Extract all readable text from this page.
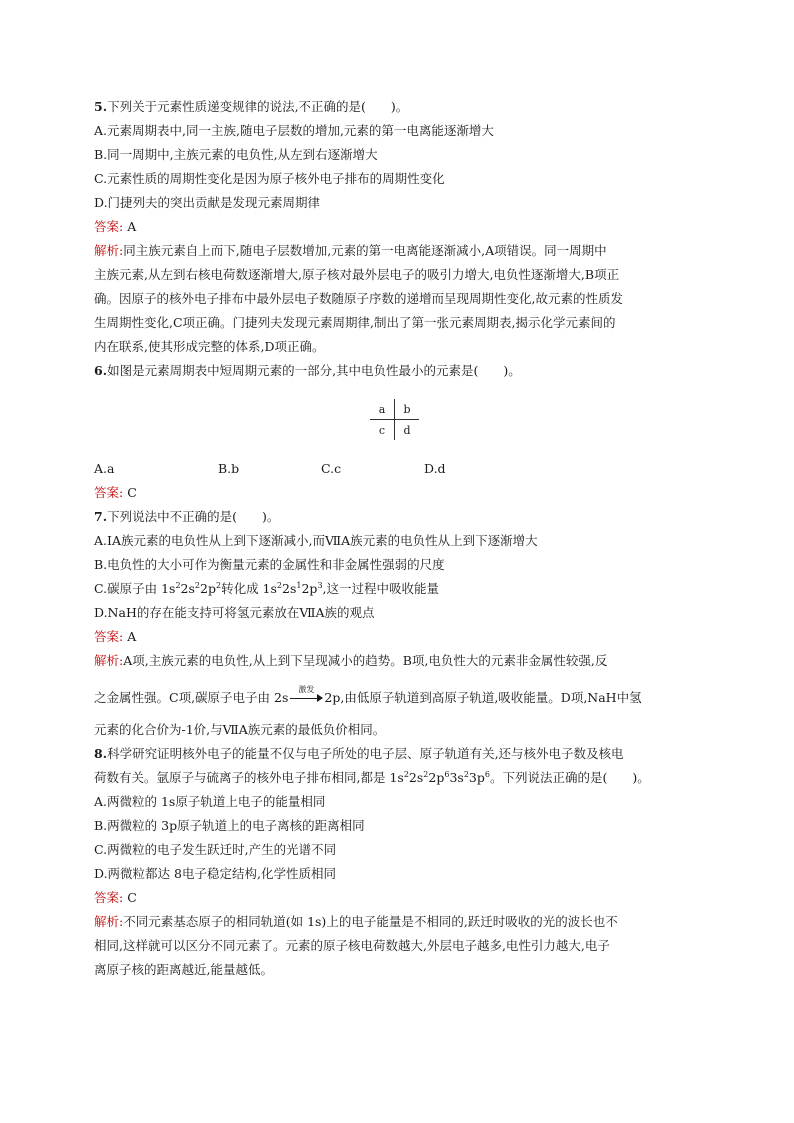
5.下列关于元素性质递变规律的说法,不正确的是(　　)。
A.元素周期表中,同一主族,随电子层数的增加,元素的第一电离能逐渐增大
B.同一周期中,主族元素的电负性,从左到右逐渐增大
C.元素性质的周期性变化是因为原子核外电子排布的周期性变化
D.门捷列夫的突出贡献是发现元素周期律
答案: A
解析:同主族元素自上而下,随电子层数增加,元素的第一电离能逐渐减小,A项错误。同一周期中
主族元素,从左到右核电荷数逐渐增大,原子核对最外层电子的吸引力增大,电负性逐渐增大,B项正
确。因原子的核外电子排布中最外层电子数随原子序数的递增而呈现周期性变化,故元素的性质发
生周期性变化,C项正确。门捷列夫发现元素周期律,制出了第一张元素周期表,揭示化学元素间的
内在联系,使其形成完整的体系,D项正确。
6.如图是元素周期表中短周期元素的一部分,其中电负性最小的元素是(　　)。
a	b
c	d
A.a	B.b	C.c	D.d
答案: C
7.下列说法中不正确的是(　　)。
A.ⅠA族元素的电负性从上到下逐渐减小,而ⅦA族元素的电负性从上到下逐渐增大
B.电负性的大小可作为衡量元素的金属性和非金属性强弱的尺度
C.碳原子由 $1s^22s^22p^2$转化成 $1s^22s^12p^3$,这一过程中吸收能量
D.NaH的存在能支持可将氢元素放在ⅦA族的观点
答案: A
解析:A项,主族元素的电负性,从上到下呈现减小的趋势。B项,电负性大的元素非金属性较强,反
之金属性强。C项,碳原子电子由 2s
激发
2p,由低原子轨道到高原子轨道,吸收能量。D项,NaH中氢
元素的化合价为-1价,与ⅦA族元素的最低负价相同。
8.科学研究证明核外电子的能量不仅与电子所处的电子层、原子轨道有关,还与核外电子数及核电
荷数有关。氩原子与硫离子的核外电子排布相同,都是 $1s^22s^22p^63s^23p^6$。下列说法正确的是(　　)。
A.两微粒的 1s原子轨道上电子的能量相同
B.两微粒的 3p原子轨道上的电子离核的距离相同
C.两微粒的电子发生跃迁时,产生的光谱不同
D.两微粒都达 8电子稳定结构,化学性质相同
答案: C
解析:不同元素基态原子的相同轨道(如 1s)上的电子能量是不相同的,跃迁时吸收的光的波长也不
相同,这样就可以区分不同元素了。元素的原子核电荷数越大,外层电子越多,电性引力越大,电子
离原子核的距离越近,能量越低。
